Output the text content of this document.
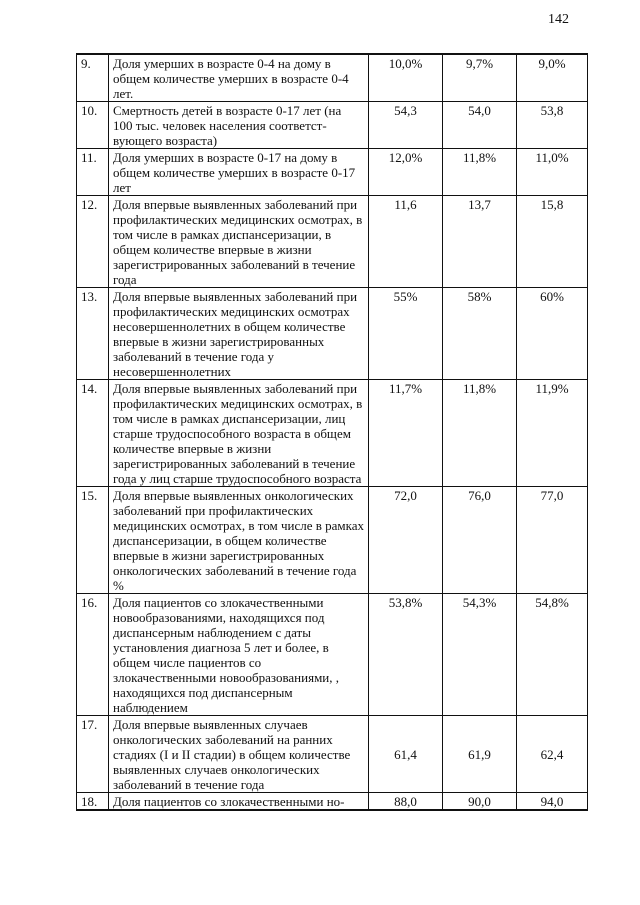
142
9.	Доля умерших в возрасте 0-4 на дому в общем количестве умерших в возрасте 0-4 лет.	10,0%	9,7%	9,0%
10.	Смертность детей в возрасте 0-17 лет (на 100 тыс. человек населения соответст-вующего возраста)	54,3	54,0	53,8
11.	Доля умерших в возрасте 0-17 на дому в общем количестве умерших в возрасте 0-17 лет	12,0%	11,8%	11,0%
12.	Доля впервые выявленных заболеваний при профилактических медицинских осмотрах, в том числе в рамках диспансеризации, в общем количестве впервые в жизни зарегистрированных заболеваний в течение года	11,6	13,7	15,8
13.	Доля впервые выявленных заболеваний при профилактических медицинских осмотрах несовершеннолетних в общем количестве впервые в жизни зарегистрированных заболеваний в течение года у несовершеннолетних	55%	58%	60%
14.	Доля впервые выявленных заболеваний при профилактических медицинских осмотрах, в том числе в рамках диспансеризации, лиц старше трудоспособного возраста в общем количестве впервые в жизни зарегистрированных заболеваний в течение года у лиц старше трудоспособного возраста	11,7%	11,8%	11,9%
15.	Доля впервые выявленных онкологических заболеваний при профилактических медицинских осмотрах, в том числе в рамках диспансеризации, в общем количестве впервые в жизни зарегистрированных онкологических заболеваний в течение года %	72,0	76,0	77,0
16.	Доля пациентов со злокачественными новообразованиями, находящихся под диспансерным наблюдением с даты установления диагноза 5 лет и более, в общем числе пациентов со злокачественными новообразованиями, , находящихся под диспансерным наблюдением	53,8%	54,3%	54,8%
17.	Доля впервые выявленных случаев онкологических заболеваний на ранних стадиях (I и II стадии) в общем количестве выявленных случаев онкологических заболеваний в течение года	61,4	61,9	62,4
18.	Доля пациентов со злокачественными но-	88,0	90,0	94,0
